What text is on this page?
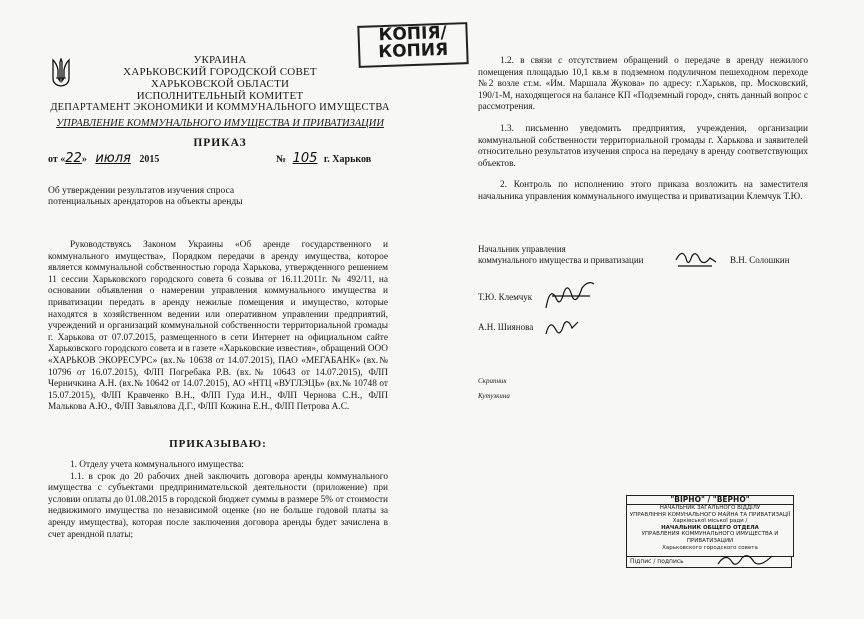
УКРАИНА
ХАРЬКОВСКИЙ ГОРОДСКОЙ СОВЕТ
ХАРЬКОВСКОЙ ОБЛАСТИ
ИСПОЛНИТЕЛЬНЫЙ КОМИТЕТ
ДЕПАРТАМЕНТ ЭКОНОМИКИ И КОММУНАЛЬНОГО ИМУЩЕСТВА
УПРАВЛЕНИЕ КОММУНАЛЬНОГО ИМУЩЕСТВА И ПРИВАТИЗАЦИИ
КОПІЯ/
КОПИЯ
ПРИКАЗ
от «22» июля 2015	№ 105 г. Харьков
Об утверждении результатов изучения спроса потенциальных арендаторов на объекты аренды

Руководствуясь Законом Украины «Об аренде государственного и коммунального имущества», Порядком передачи в аренду имущества, которое является коммунальной собственностью города Харькова, утвержденного решением 11 сессии Харьковского городского совета 6 созыва от 16.11.2011г. № 492/11, на основании объявления о намерении управления коммунального имущества и приватизации передать в аренду нежилые помещения и имущество, которые находятся в хозяйственном ведении или оперативном управлении предприятий, учреждений и организаций коммунальной собственности территориальной громады г. Харькова от 07.07.2015, размещенного в сети Интернет на официальном сайте Харьковского городского совета и в газете «Харьковские известия», обращений ООО «ХАРЬКОВ ЭКОРЕСУРС» (вх.№ 10638 от 14.07.2015), ПАО «МЕГАБАНК» (вх.№ 10796 от 16.07.2015), ФЛП Погребака Р.В. (вх.№ 10643 от 14.07.2015), ФЛП Черничкина А.Н. (вх.№ 10642 от 14.07.2015), АО «НТЦ «ВУГЛЭЦЬ» (вх.№ 10748 от 15.07.2015), ФЛП Кравченко В.Н., ФЛП Гуда И.Н., ФЛП Чернова С.Н., ФЛП Малькова А.Ю., ФЛП Завьялова Д.Г., ФЛП Кожина Е.Н., ФЛП Петрова А.С.

ПРИКАЗЫВАЮ:

1. Отделу учета коммунального имущества:

1.1. в срок до 20 рабочих дней заключить договора аренды коммунального имущества с субъектами предпринимательской деятельности (приложение) при условии оплаты до 01.08.2015 в городской бюджет суммы в размере 5% от стоимости недвижимого имущества по независимой оценке (но не больше годовой платы за аренду имущества), которая после заключения договора аренды будет зачислена в счет арендной платы;

1.2. в связи с отсутствием обращений о передаче в аренду нежилого помещения площадью 10,1 кв.м в подземном подуличном пешеходном переходе №2 возле ст.м. «Им. Маршала Жукова» по адресу: г.Харьков, пр. Московский, 190/1-М, находящегося на балансе КП «Подземный город», снять данный вопрос с рассмотрения.

1.3. письменно уведомить предприятия, учреждения, организации коммунальной собственности территориальной громады г. Харькова и заявителей относительно результатов изучения спроса на передачу в аренду соответствующих объектов.

2. Контроль по исполнению этого приказа возложить на заместителя начальника управления коммунального имущества и приватизации Клемчук Т.Ю.

Начальник управления
коммунального имущества и приватизации	В.Н. Солошкин
Т.Ю. Клемчук
А.Н. Шиянова
Скрипник
Кутузкина
"ВІРНО" / "ВЕРНО"
НАЧАЛЬНИК ЗАГАЛЬНОГО ВІДДІЛУ
УПРАВЛІННЯ КОМУНАЛЬНОГО МАЙНА ТА ПРИВАТИЗАЦІЇ
Харківської міської ради /
НАЧАЛЬНИК ОБЩЕГО ОТДЕЛА
УПРАВЛЕНИЯ КОММУНАЛЬНОГО ИМУЩЕСТВА И ПРИВАТИЗАЦИИ
Харьковского городского совета
Підпис / подпись
